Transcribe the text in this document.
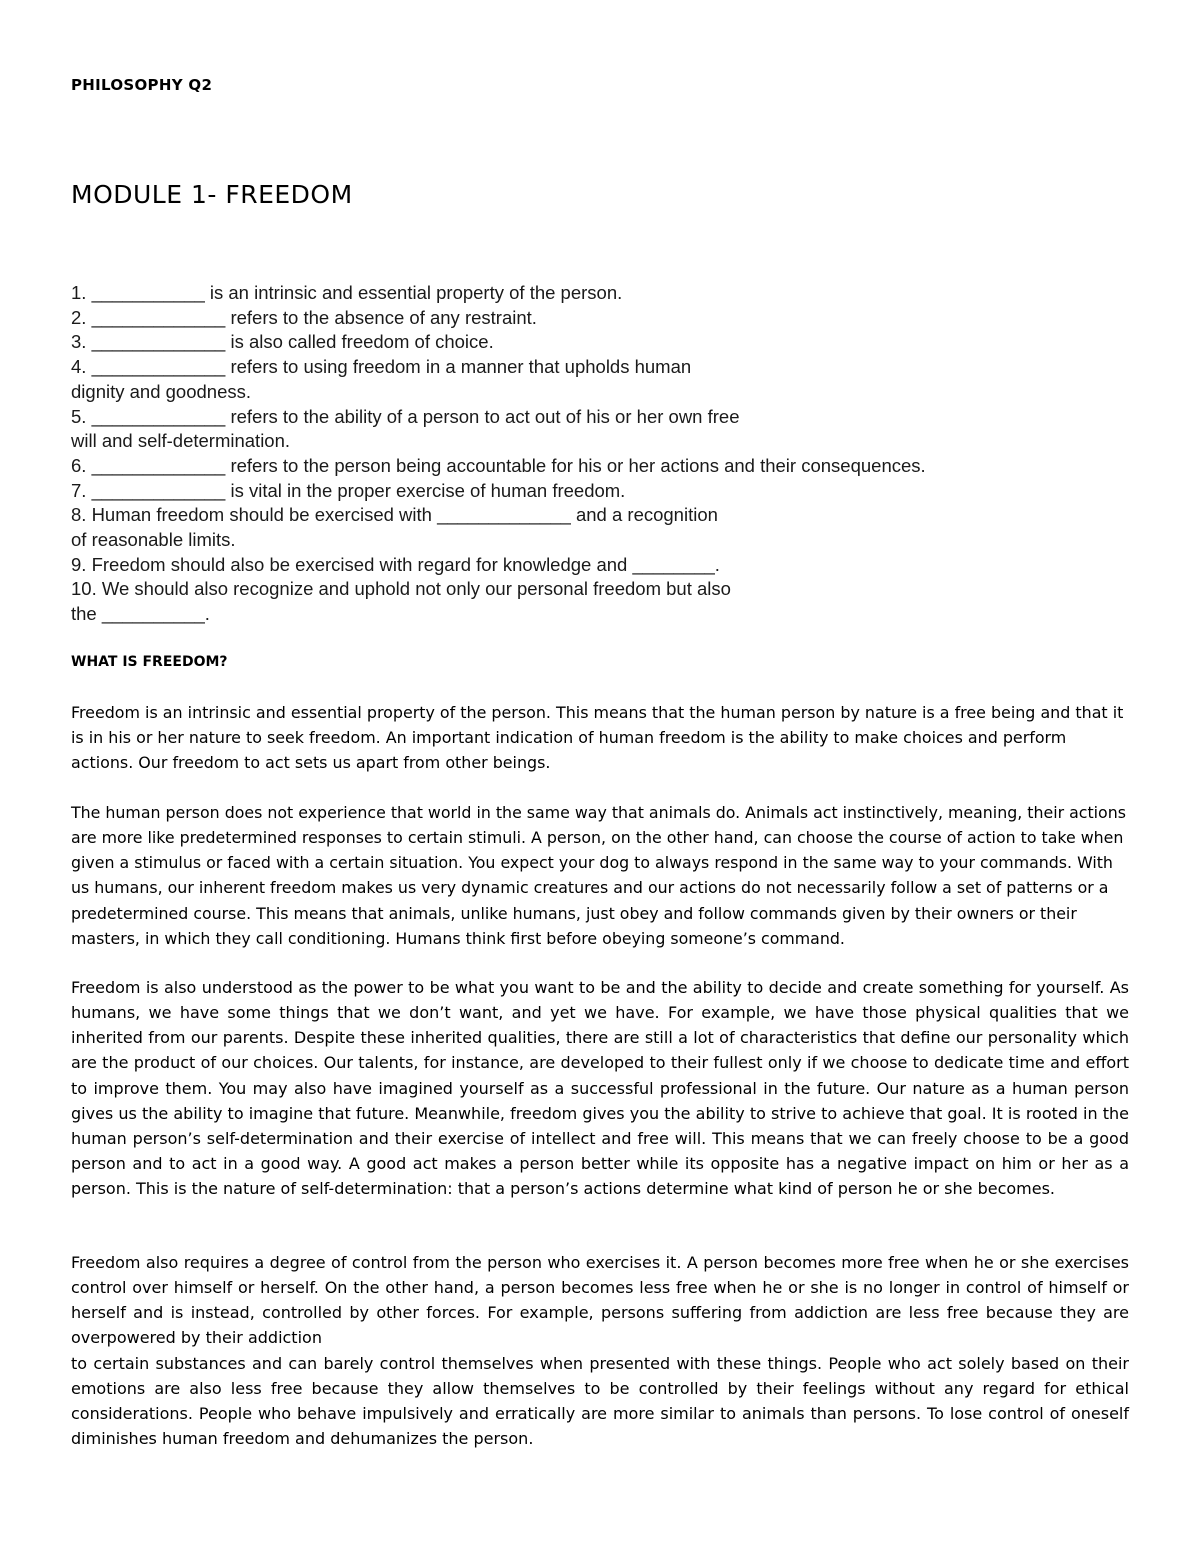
PHILOSOPHY Q2
MODULE 1- FREEDOM
1. ___________ is an intrinsic and essential property of the person.
2. _____________ refers to the absence of any restraint.
3. _____________ is also called freedom of choice.
4. _____________ refers to using freedom in a manner that upholds human
dignity and goodness.
5. _____________ refers to the ability of a person to act out of his or her own free
will and self-determination.
6. _____________ refers to the person being accountable for his or her actions and their consequences.
7. _____________ is vital in the proper exercise of human freedom.
8. Human freedom should be exercised with _____________ and a recognition
of reasonable limits.
9. Freedom should also be exercised with regard for knowledge and ________.
10. We should also recognize and uphold not only our personal freedom but also
the __________.
WHAT IS FREEDOM?

Freedom is an intrinsic and essential property of the person. This means that the human person by nature is a free being and that it is in his or her nature to seek freedom. An important indication of human freedom is the ability to make choices and perform actions. Our freedom to act sets us apart from other beings.

The human person does not experience that world in the same way that animals do. Animals act instinctively, meaning, their actions are more like predetermined responses to certain stimuli. A person, on the other hand, can choose the course of action to take when given a stimulus or faced with a certain situation. You expect your dog to always respond in the same way to your commands. With us humans, our inherent freedom makes us very dynamic creatures and our actions do not necessarily follow a set of patterns or a predetermined course. This means that animals, unlike humans, just obey and follow commands given by their owners or their masters, in which they call conditioning. Humans think first before obeying someone’s command.

Freedom is also understood as the power to be what you want to be and the ability to decide and create something for yourself. As humans, we have some things that we don’t want, and yet we have. For example, we have those physical qualities that we inherited from our parents. Despite these inherited qualities, there are still a lot of characteristics that define our personality which are the product of our choices. Our talents, for instance, are developed to their fullest only if we choose to dedicate time and effort to improve them. You may also have imagined yourself as a successful professional in the future. Our nature as a human person gives us the ability to imagine that future. Meanwhile, freedom gives you the ability to strive to achieve that goal. It is rooted in the human person’s self-determination and their exercise of intellect and free will. This means that we can freely choose to be a good person and to act in a good way. A good act makes a person better while its opposite has a negative impact on him or her as a person. This is the nature of self-determination: that a person’s actions determine what kind of person he or she becomes.

Freedom also requires a degree of control from the person who exercises it. A person becomes more free when he or she exercises control over himself or herself. On the other hand, a person becomes less free when he or she is no longer in control of himself or herself and is instead, controlled by other forces. For example, persons suffering from addiction are less free because they are overpowered by their addiction
to certain substances and can barely control themselves when presented with these things. People who act solely based on their emotions are also less free because they allow themselves to be controlled by their feelings without any regard for ethical considerations. People who behave impulsively and erratically are more similar to animals than persons. To lose control of oneself diminishes human freedom and dehumanizes the person.
